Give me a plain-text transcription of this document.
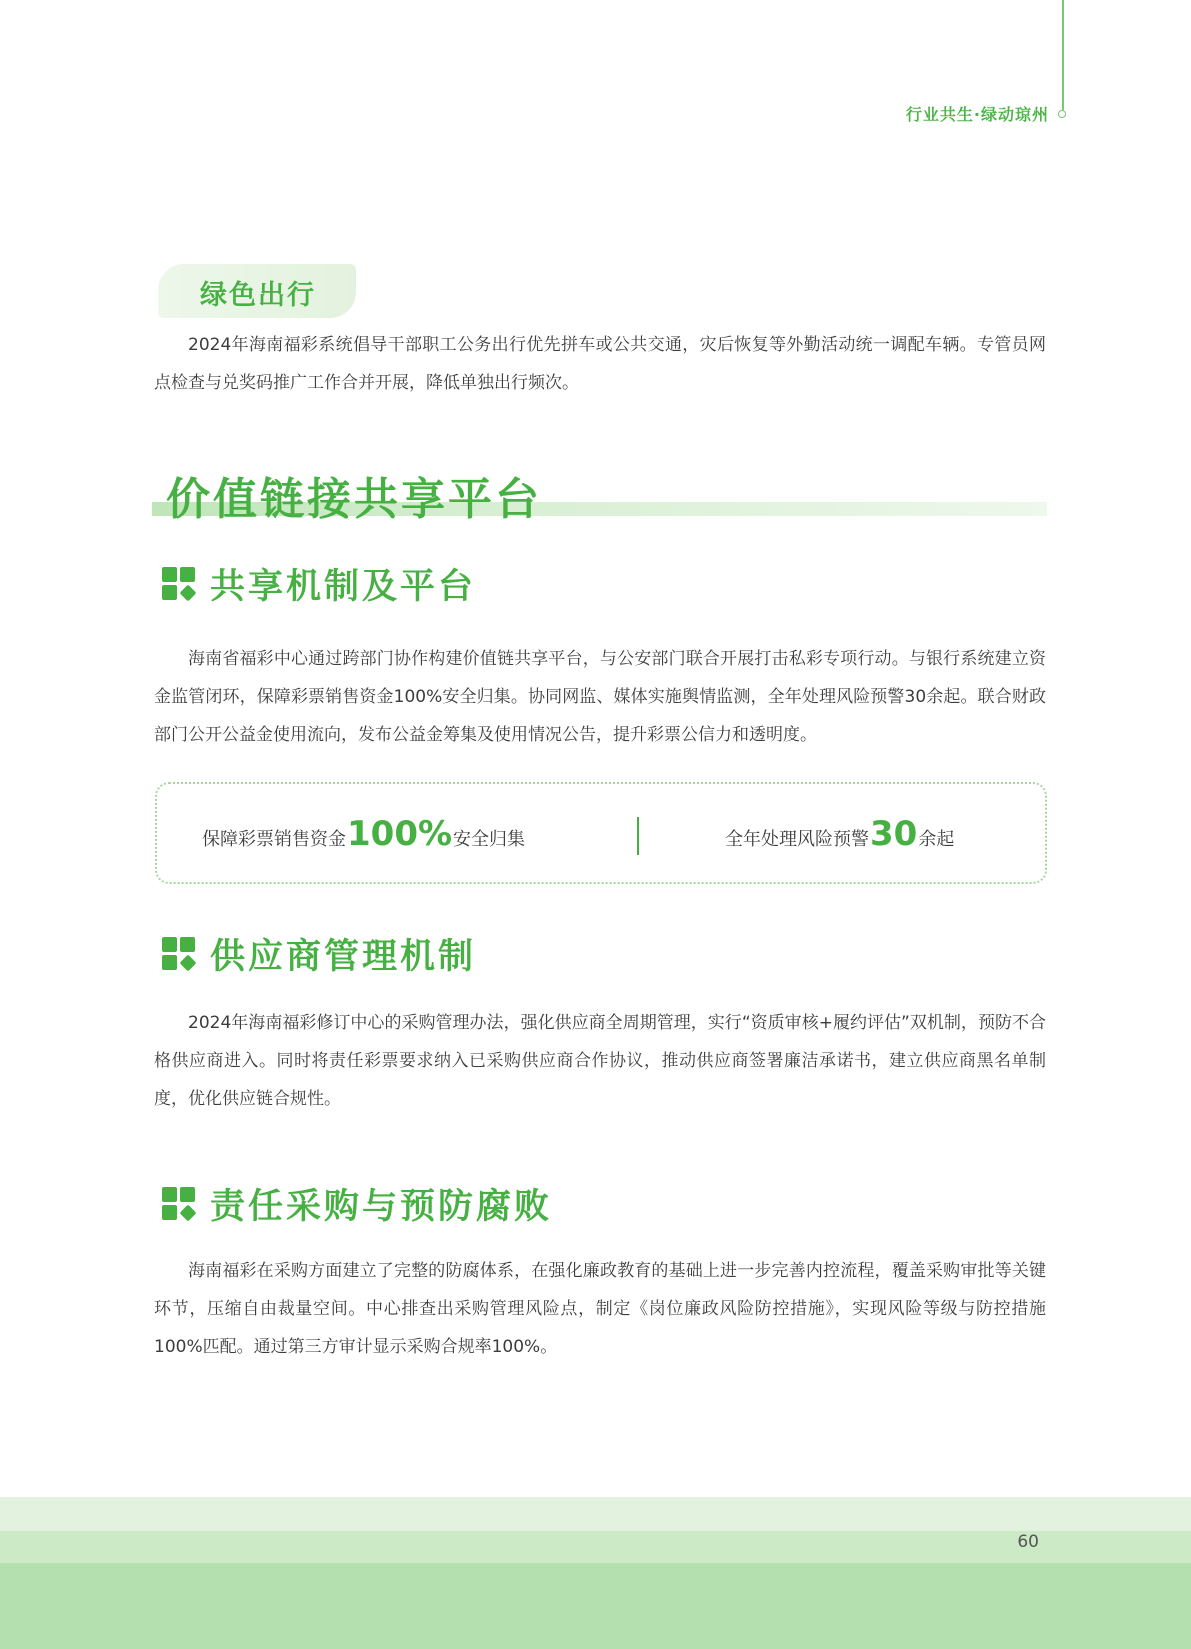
行业共生·绿动琼州
绿色出行

2024年海南福彩系统倡导干部职工公务出行优先拼车或公共交通，灾后恢复等外勤活动统一调配车辆。专管员网点检查与兑奖码推广工作合并开展，降低单独出行频次。

价值链接共享平台
共享机制及平台

海南省福彩中心通过跨部门协作构建价值链共享平台，与公安部门联合开展打击私彩专项行动。与银行系统建立资金监管闭环，保障彩票销售资金100%安全归集。协同网监、媒体实施舆情监测，全年处理风险预警30余起。联合财政部门公开公益金使用流向，发布公益金筹集及使用情况公告，提升彩票公信力和透明度。

保障彩票销售资金 100% 安全归集	全年处理风险预警 30 余起
供应商管理机制

2024年海南福彩修订中心的采购管理办法，强化供应商全周期管理，实行“资质审核+履约评估”双机制，预防不合格供应商进入。同时将责任彩票要求纳入已采购供应商合作协议，推动供应商签署廉洁承诺书，建立供应商黑名单制度，优化供应链合规性。

责任采购与预防腐败

海南福彩在采购方面建立了完整的防腐体系，在强化廉政教育的基础上进一步完善内控流程，覆盖采购审批等关键环节，压缩自由裁量空间。中心排查出采购管理风险点，制定《岗位廉政风险防控措施》，实现风险等级与防控措施100%匹配。通过第三方审计显示采购合规率100%。

60
